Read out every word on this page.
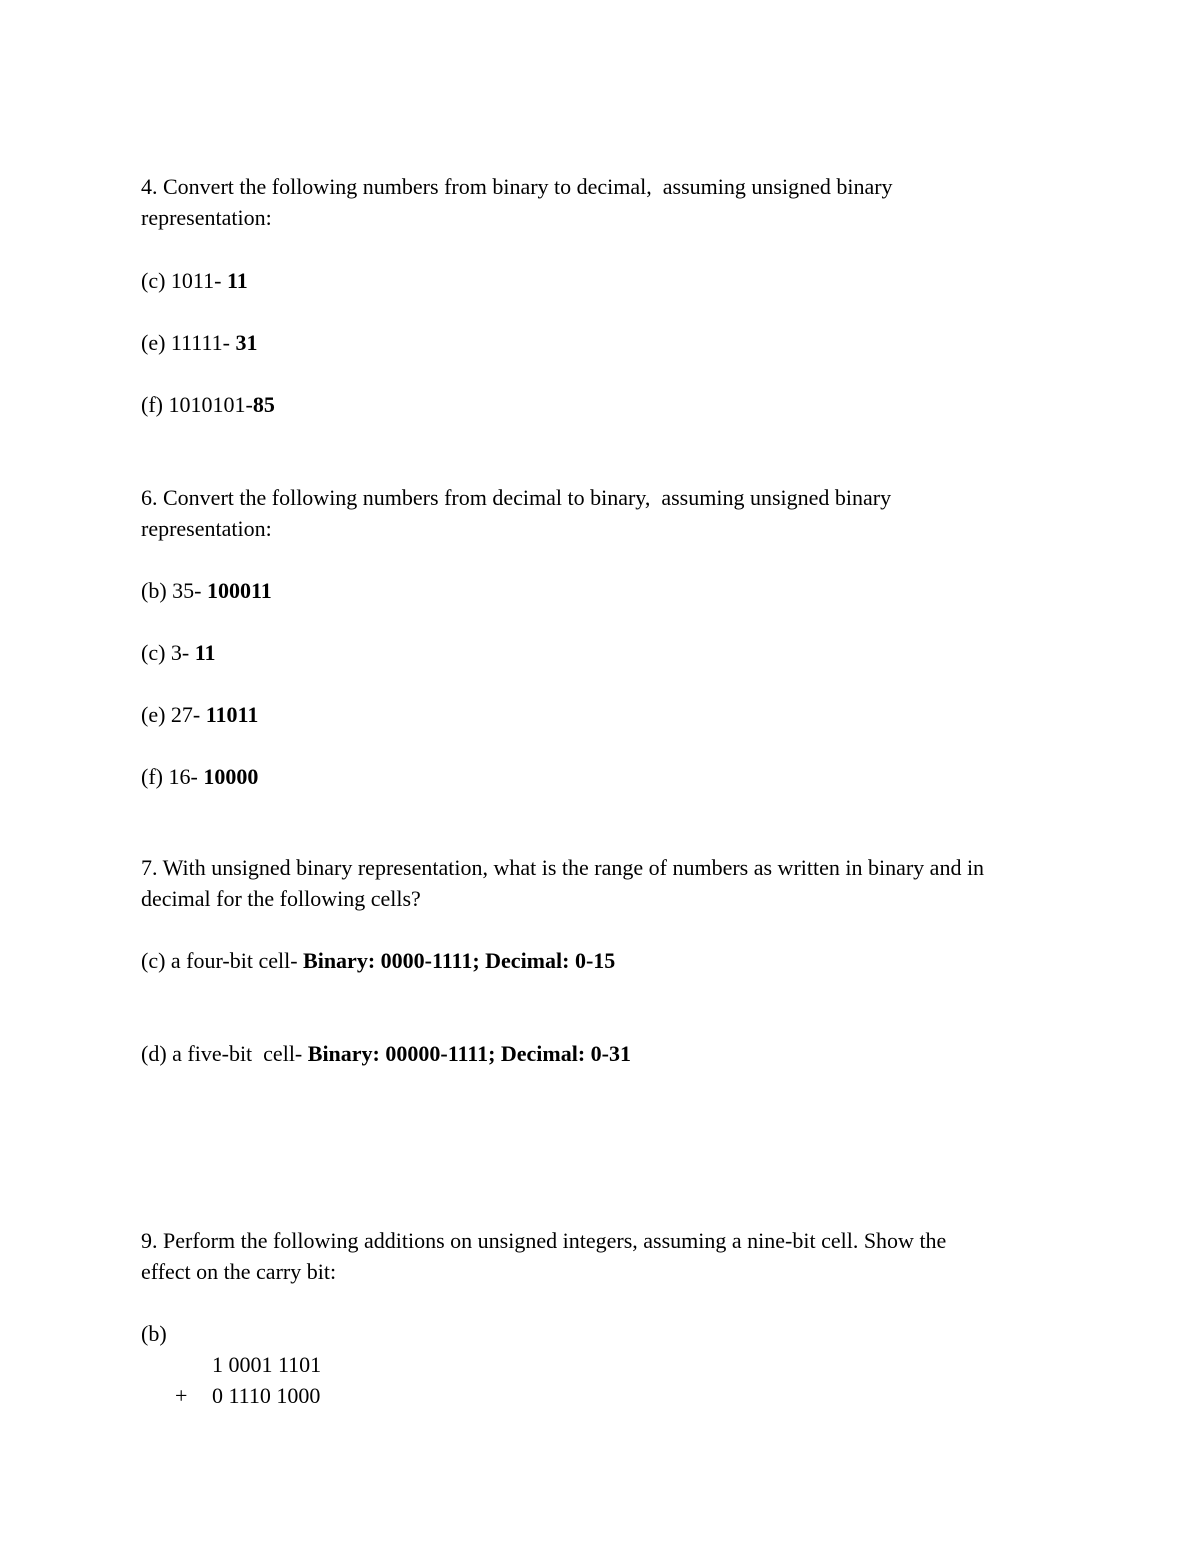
4. Convert the following numbers from binary to decimal,  assuming unsigned binary
representation:
(c) 1011- 11
(e) 11111- 31
(f) 1010101-85
6. Convert the following numbers from decimal to binary,  assuming unsigned binary
representation:
(b) 35- 100011
(c) 3- 11
(e) 27- 11011
(f) 16- 10000
7. With unsigned binary representation, what is the range of numbers as written in binary and in
decimal for the following cells?
(c) a four-bit cell- Binary: 0000-1111; Decimal: 0-15
(d) a five-bit  cell- Binary: 00000-1111; Decimal: 0-31
9. Perform the following additions on unsigned integers, assuming a nine-bit cell. Show the
effect on the carry bit:
(b)
1 0001 1101
+ 0 1110 1000
